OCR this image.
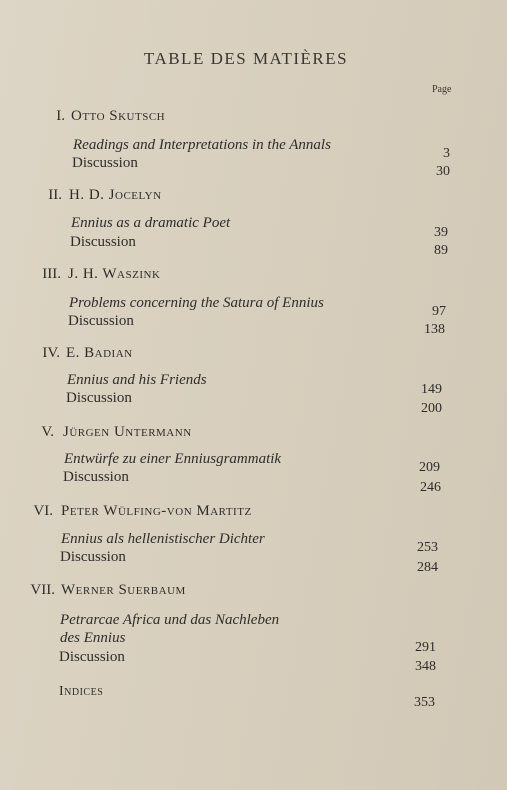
TABLE DES MATIÈRES
Page
I. Otto Skutsch
Readings and Interpretations in the Annals
Discussion
3
30
II. H. D. Jocelyn
Ennius as a dramatic Poet
Discussion
39
89
III. J. H. Waszink
Problems concerning the Satura of Ennius
Discussion
97
138
IV. E. Badian
Ennius and his Friends
Discussion
149
200
V. Jürgen Untermann
Entwürfe zu einer Enniusgrammatik
Discussion
209
246
VI. Peter Wülfing-von Martitz
Ennius als hellenistischer Dichter
Discussion
253
284
VII. Werner Suerbaum
Petrarcae Africa und das Nachleben
des Ennius
Discussion
291
348
Indices
353
